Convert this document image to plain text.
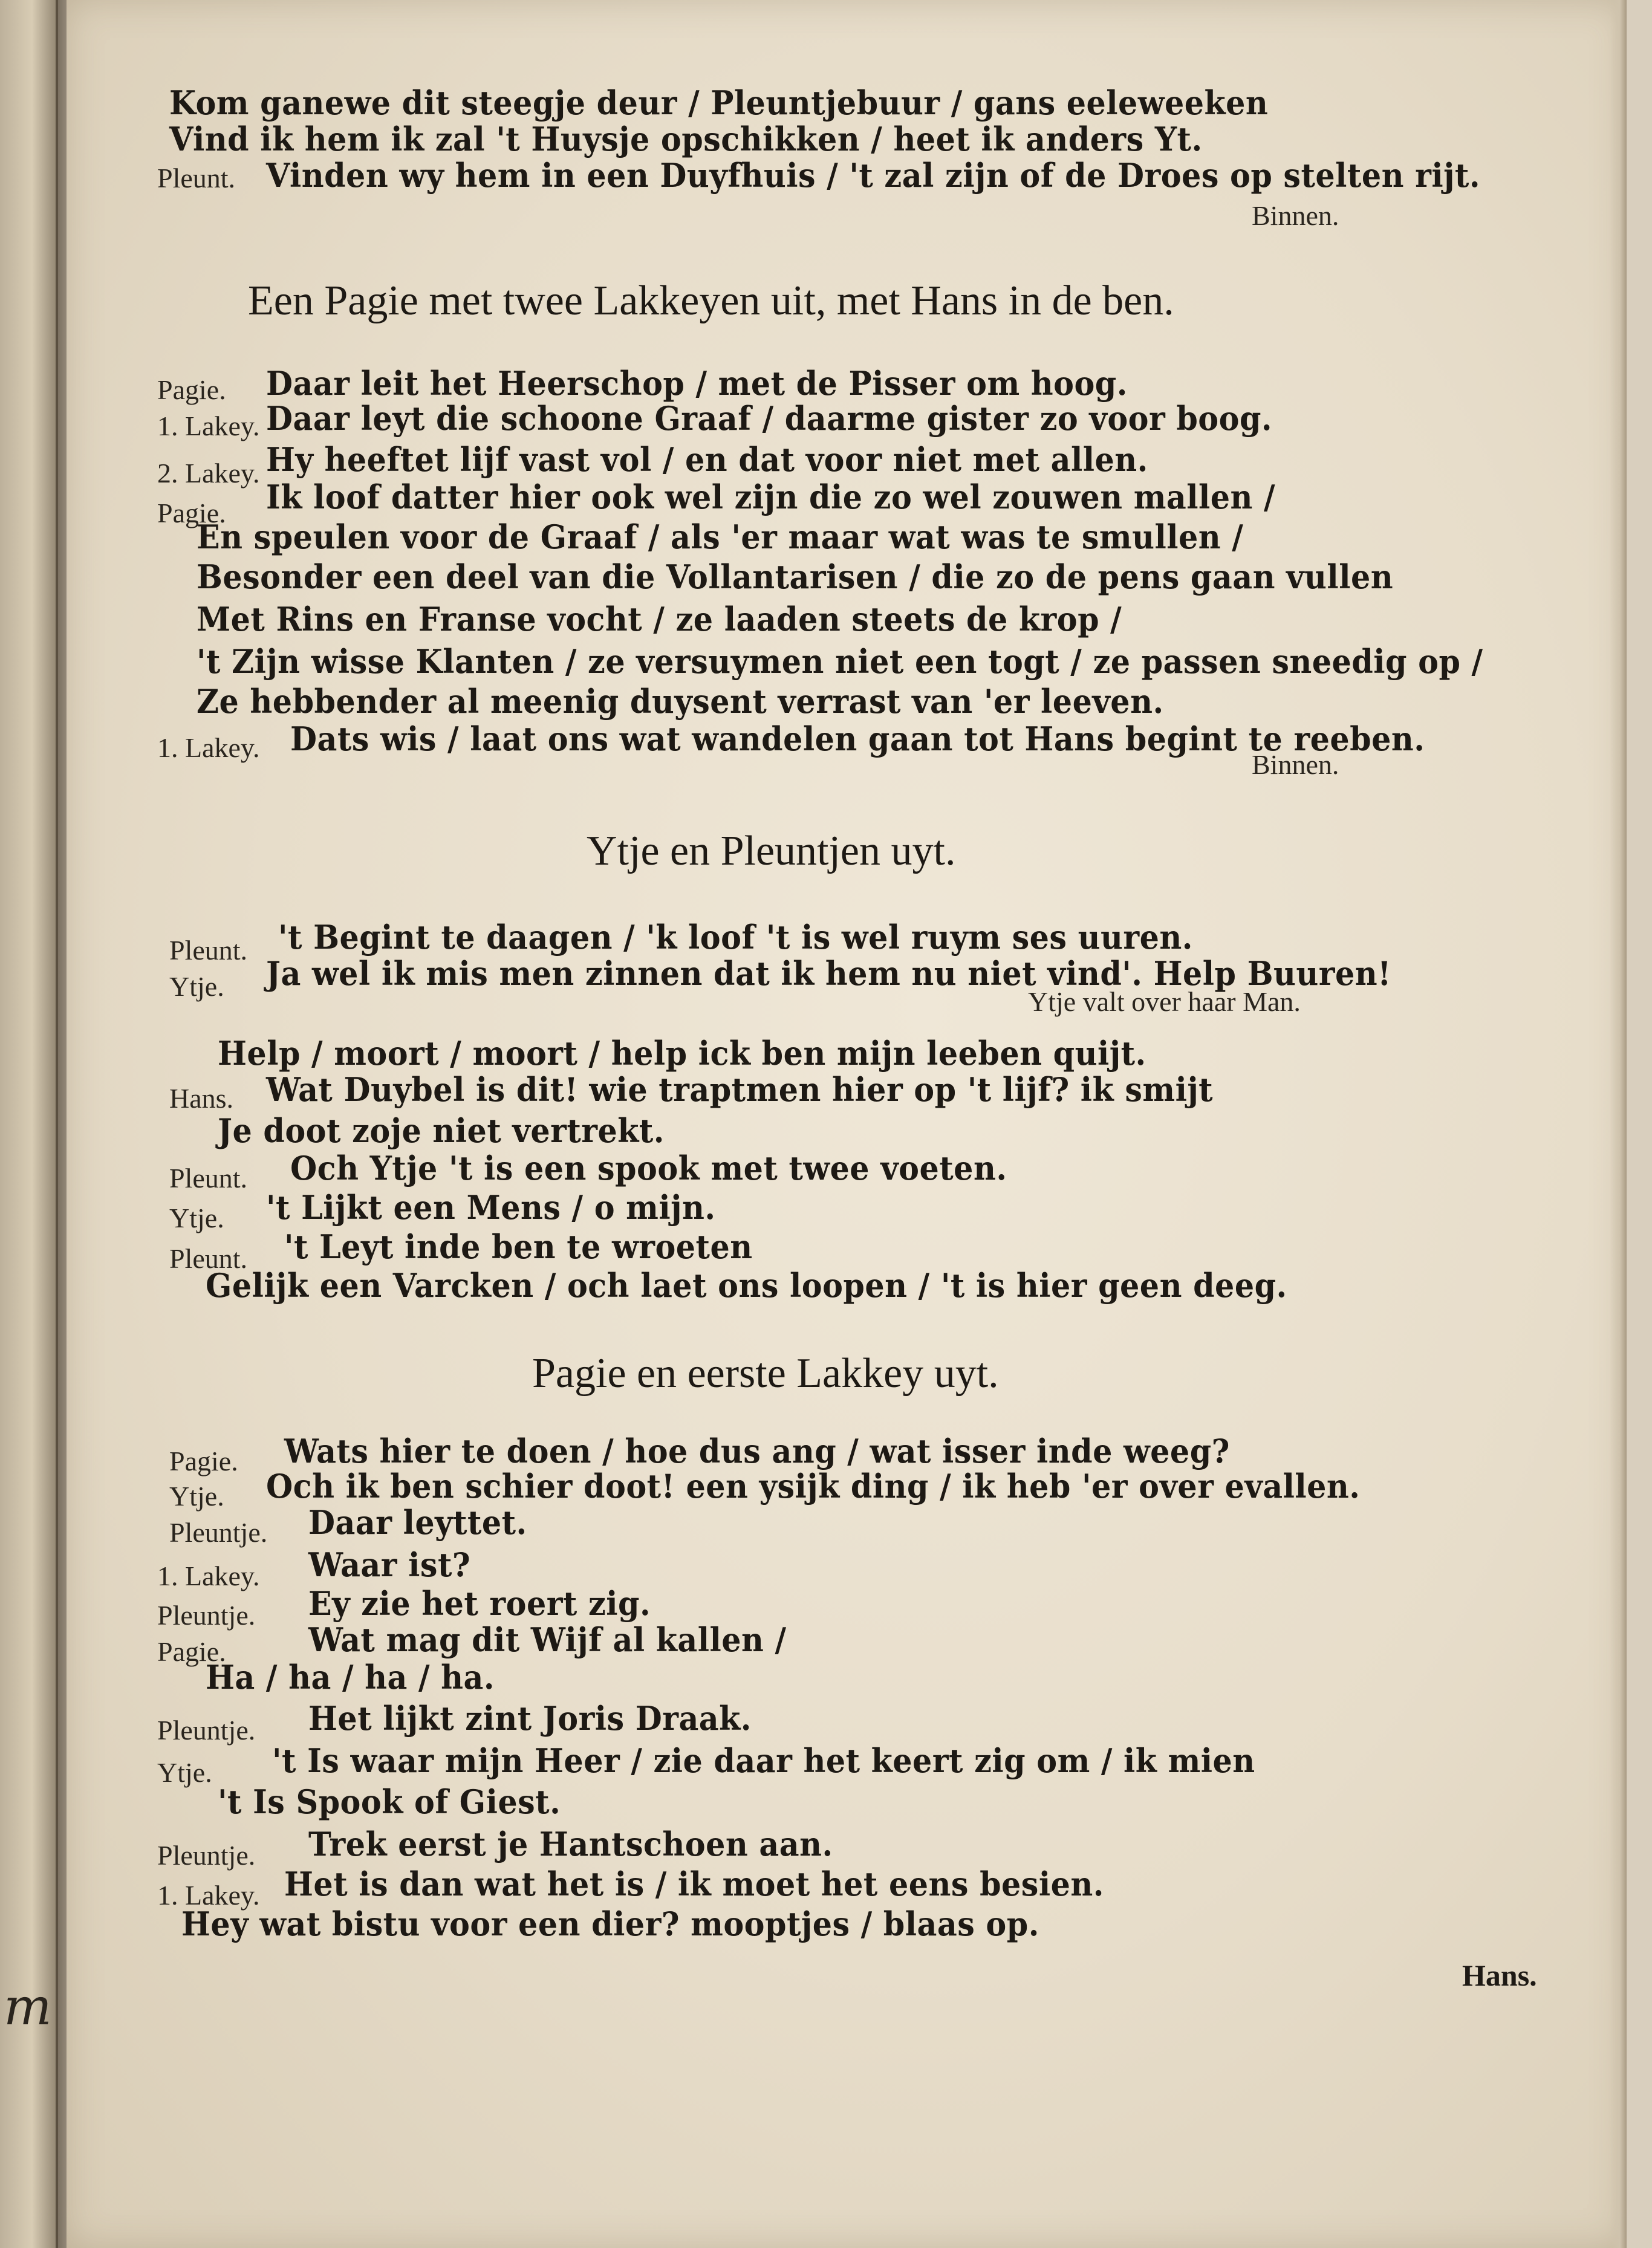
m
Kom ganewe dit steegje deur / Pleuntjebuur / gans eeleweeken
Vind ik hem ik zal 't Huysje opschikken / heet ik anders Yt.
Pleunt. Vinden wy hem in een Duyfhuis / 't zal zijn of de Droes op stelten rijt.
Binnen.
Een Pagie met twee Lakkeyen uit, met Hans in de ben.
Pagie. Daar leit het Heerschop / met de Pisser om hoog.
1. Lakey. Daar leyt die schoone Graaf / daarme gister zo voor boog.
2. Lakey. Hy heeftet lijf vast vol / en dat voor niet met allen.
Pagie. Ik loof datter hier ook wel zijn die zo wel zouwen mallen /
En speulen voor de Graaf / als 'er maar wat was te smullen /
Besonder een deel van die Vollantarisen / die zo de pens gaan vullen
Met Rins en Franse vocht / ze laaden steets de krop /
't Zijn wisse Klanten / ze versuymen niet een togt / ze passen sneedig op /
Ze hebbender al meenig duysent verrast van 'er leeven.
1. Lakey. Dats wis / laat ons wat wandelen gaan tot Hans begint te reeben.
Binnen.
Ytje en Pleuntjen uyt.
Pleunt. 't Begint te daagen / 'k loof 't is wel ruym ses uuren.
Ytje. Ja wel ik mis men zinnen dat ik hem nu niet vind'. Help Buuren!
Ytje valt over haar Man.
Help / moort / moort / help ick ben mijn leeben quijt.
Hans. Wat Duybel is dit! wie traptmen hier op 't lijf? ik smijt
Je doot zoje niet vertrekt.
Pleunt. Och Ytje 't is een spook met twee voeten.
Ytje. 't Lijkt een Mens / o mijn.
Pleunt. 't Leyt inde ben te wroeten
Gelijk een Varcken / och laet ons loopen / 't is hier geen deeg.
Pagie en eerste Lakkey uyt.
Pagie. Wats hier te doen / hoe dus ang / wat isser inde weeg?
Ytje. Och ik ben schier doot! een ysijk ding / ik heb 'er over evallen.
Pleuntje. Daar leyttet.
1. Lakey. Waar ist?
Pleuntje. Ey zie het roert zig.
Pagie.	Wat mag dit Wijf al kallen /
Ha / ha / ha / ha.
Pleuntje. Het lijkt zint Joris Draak.
Ytje. 't Is waar mijn Heer / zie daar het keert zig om / ik mien
't Is Spook of Giest.
Pleuntje. Trek eerst je Hantschoen aan.
1. Lakey. Het is dan wat het is / ik moet het eens besien.
Hey wat bistu voor een dier? mooptjes / blaas op.
Hans.
